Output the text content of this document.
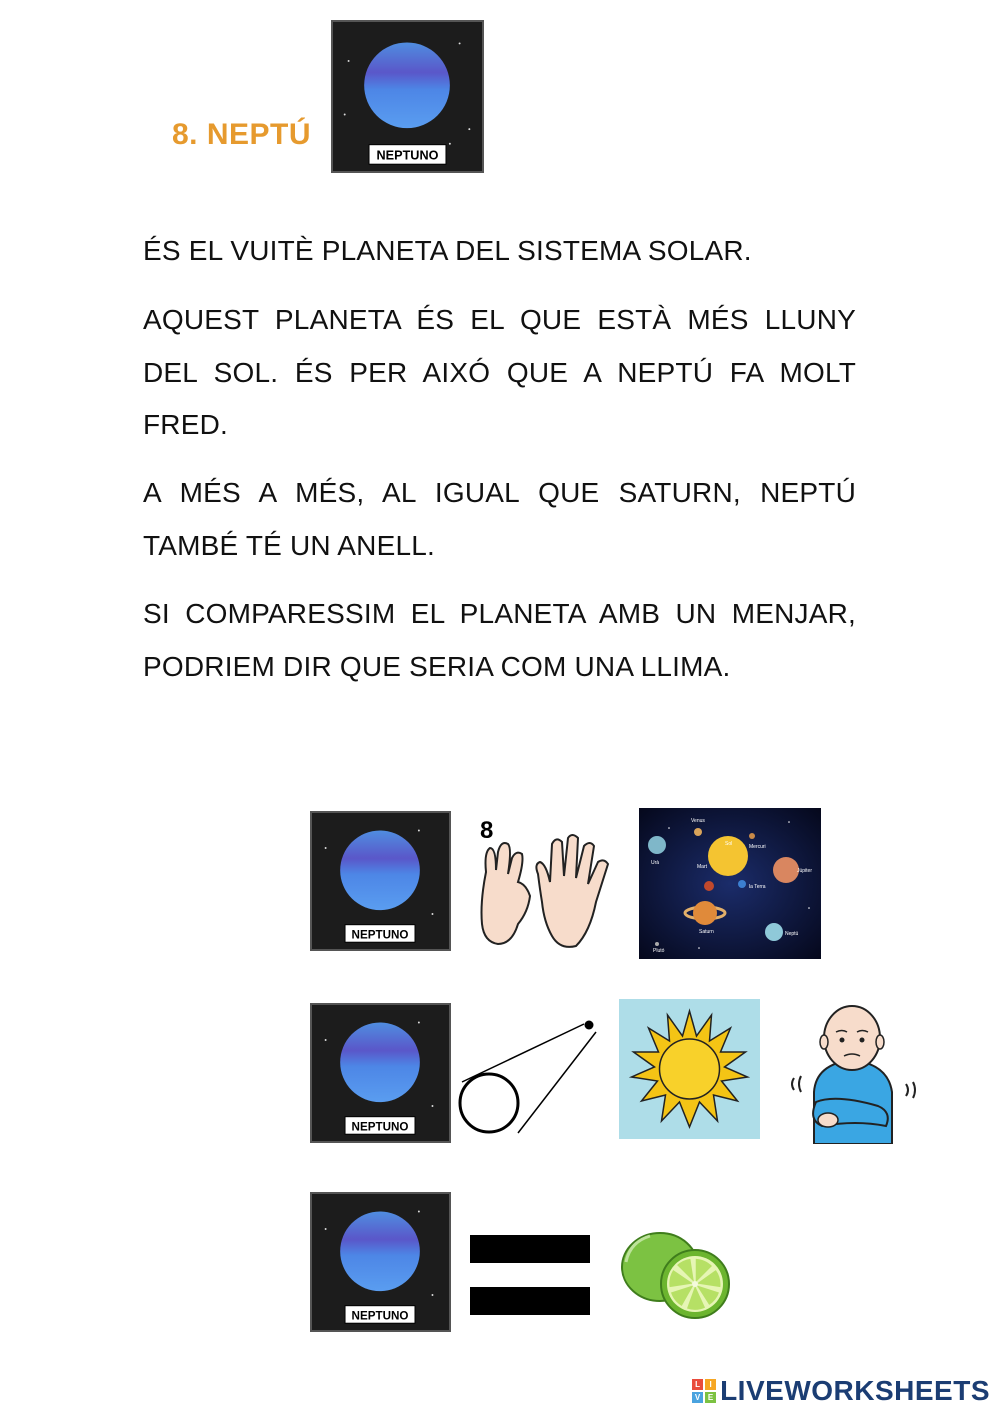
8. NEPTÚ
NEPTUNO

ÉS EL VUITÈ PLANETA DEL SISTEMA SOLAR.

AQUEST PLANETA ÉS EL QUE ESTÀ MÉS LLUNY DEL SOL. ÉS PER AIXÓ QUE A NEPTÚ FA MOLT FRED.

A MÉS A MÉS, AL IGUAL QUE SATURN, NEPTÚ TAMBÉ TÉ UN ANELL.

SI COMPARESSIM EL PLANETA AMB UN MENJAR, PODRIEM DIR QUE SERIA COM UNA LLIMA.

NEPTUNO
8	Venus
Sol	Mercuri
Júpiter
Mart
la Terra
Urà
Saturn	Neptú
Plutó
NEPTUNO
NEPTUNO
L	I
V E LIVEWORKSHEETS
